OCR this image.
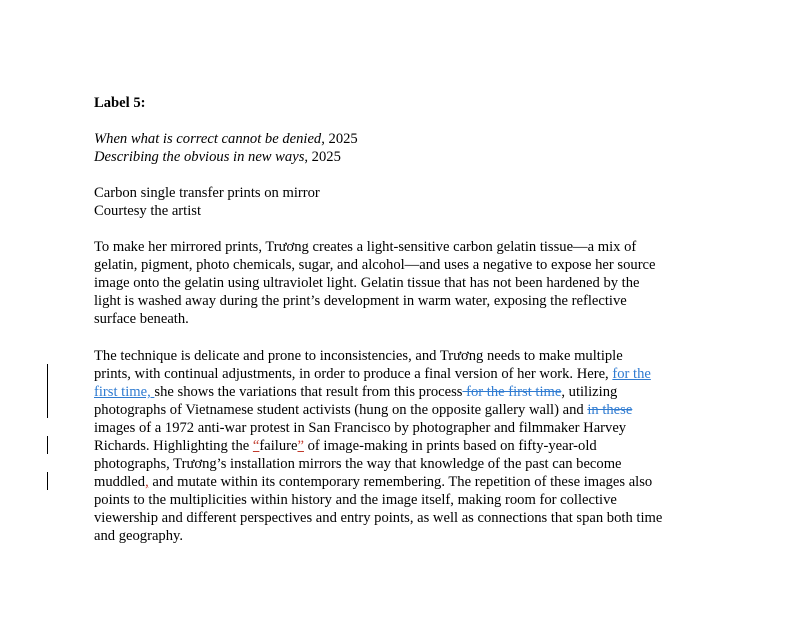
Label 5:
When what is correct cannot be denied, 2025
Describing the obvious in new ways, 2025
Carbon single transfer prints on mirror
Courtesy the artist
To make her mirrored prints, Trương creates a light-sensitive carbon gelatin tissue—a mix of
gelatin, pigment, photo chemicals, sugar, and alcohol—and uses a negative to expose her source
image onto the gelatin using ultraviolet light. Gelatin tissue that has not been hardened by the
light is washed away during the print’s development in warm water, exposing the reflective
surface beneath.
The technique is delicate and prone to inconsistencies, and Trương needs to make multiple
prints, with continual adjustments, in order to produce a final version of her work. Here, for the
first time, she shows the variations that result from this process for the first time, utilizing
photographs of Vietnamese student activists (hung on the opposite gallery wall) and in these
images of a 1972 anti-war protest in San Francisco by photographer and filmmaker Harvey
Richards. Highlighting the “failure” of image-making in prints based on fifty-year-old
photographs, Trương’s installation mirrors the way that knowledge of the past can become
muddled, and mutate within its contemporary remembering. The repetition of these images also
points to the multiplicities within history and the image itself, making room for collective
viewership and different perspectives and entry points, as well as connections that span both time
and geography.
